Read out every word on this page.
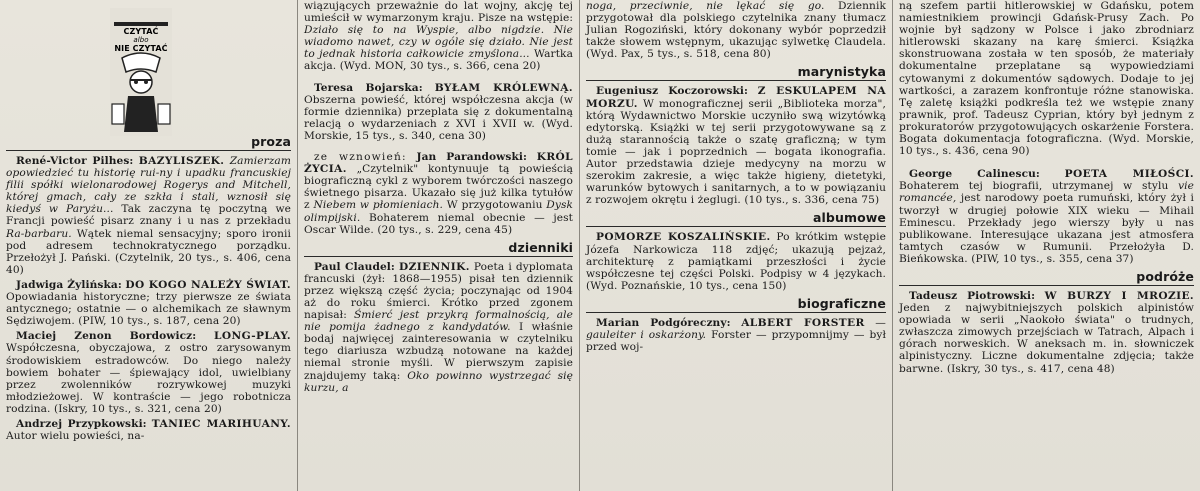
CZYTAĆ
albo
NIE CZYTAĆ
proza

René-Victor Pilhes: BAZYLISZEK. Zamierzam opowiedzieć tu historię rui-ny i upadku francuskiej filii spółki wielonarodowej Rogerys and Mitchell, której gmach, cały ze szkła i stali, wznosił się kiedyś w Paryżu... Tak zaczyna tę poczytną we Francji powieść pisarz znany i u nas z przekładu Ra-barbaru. Wątek niemal sensacyjny; sporo ironii pod adresem technokratycznego porządku. Przełożył J. Pański. (Czytelnik, 20 tys., s. 406, cena 40)

Jadwiga Żylińska: DO KOGO NALEŻY ŚWIAT. Opowiadania historyczne; trzy pierwsze ze świata antycznego; ostatnie — o alchemikach ze sławnym Sędziwojem. (PIW, 10 tys., s. 187, cena 20)

Maciej Zenon Bordowicz: LONG-PLAY. Współczesna, obyczajowa, z ostro zarysowanym środowiskiem estradowców. Do niego należy bowiem bohater — śpiewający idol, uwielbiany przez zwolenników rozrywkowej muzyki młodzieżowej. W kontraście — jego robotnicza rodzina. (Iskry, 10 tys., s. 321, cena 20)

Andrzej Przypkowski: TANIEC MARIHUANY. Autor wielu powieści, na-

wiązujących przeważnie do lat wojny, akcję tej umieścił w wymarzonym kraju. Pisze na wstępie: Działo się to na Wyspie, albo nigdzie. Nie wiadomo nawet, czy w ogóle się działo. Nie jest to jednak historia całkowicie zmyślona... Wartka akcja. (Wyd. MON, 30 tys., s. 366, cena 20)

Teresa Bojarska: BYŁAM KRÓLEWNĄ. Obszerna powieść, której współczesna akcja (w formie dziennika) przeplata się z dokumentalną relacją o wydarzeniach z XVI i XVII w. (Wyd. Morskie, 15 tys., s. 340, cena 30)

ze wznowień: Jan Parandowski: KRÓL ŻYCIA. „Czytelnik" kontynuuje tą powieścią biograficzną cykl z wyborem twórczości naszego świetnego pisarza. Ukazało się już kilka tytułów z Niebem w płomieniach. W przygotowaniu Dysk olimpijski. Bohaterem niemal obecnie — jest Oscar Wilde. (20 tys., s. 229, cena 45)

dzienniki

Paul Claudel: DZIENNIK. Poeta i dyplomata francuski (żył: 1868—1955) pisał ten dziennik przez większą część życia; poczynając od 1904 aż do roku śmierci. Krótko przed zgonem napisał: Śmierć jest przykrą formalnością, ale nie pomija żadnego z kandydatów. I właśnie bodaj najwięcej zainteresowania w czytelniku tego diariusza wzbudzą notowane na każdej niemal stronie myśli. W pierwszym zapisie znajdujemy taką: Oko powinno wystrzegać się kurzu, a

noga, przeciwnie, nie lękać się go. Dziennik przygotował dla polskiego czytelnika znany tłumacz Julian Rogoziński, który dokonany wybór poprzedził także słowem wstępnym, ukazując sylwetkę Claudela. (Wyd. Pax, 5 tys., s. 518, cena 80)

marynistyka

Eugeniusz Koczorowski: Z ESKULAPEM NA MORZU. W monograficznej serii „Biblioteka morza", którą Wydawnictwo Morskie uczyniło swą wizytówką edytorską. Książki w tej serii przygotowywane są z dużą starannością także o szatę graficzną; w tym tomie — jak i poprzednich — bogata ikonografia. Autor przedstawia dzieje medycyny na morzu w szerokim zakresie, a więc także higieny, dietetyki, warunków bytowych i sanitarnych, a to w powiązaniu z rozwojem okrętu i żeglugi. (10 tys., s. 336, cena 75)

albumowe

POMORZE KOSZALIŃSKIE. Po krótkim wstępie Józefa Narkowicza 118 zdjęć; ukazują pejzaż, architekturę z pamiątkami przeszłości i życie współczesne tej części Polski. Podpisy w 4 językach. (Wyd. Poznańskie, 10 tys., cena 150)

biograficzne

Marian Podgóreczny: ALBERT FORSTER — gauleiter i oskarżony. Forster — przypomnijmy — był przed woj-

ną szefem partii hitlerowskiej w Gdańsku, potem namiestnikiem prowincji Gdańsk-Prusy Zach. Po wojnie był sądzony w Polsce i jako zbrodniarz hitlerowski skazany na karę śmierci. Książka skonstruowana została w ten sposób, że materiały dokumentalne przeplatane są wypowiedziami cytowanymi z dokumentów sądowych. Dodaje to jej wartkości, a zarazem konfrontuje różne stanowiska. Tę zaletę książki podkreśla też we wstępie znany prawnik, prof. Tadeusz Cyprian, który był jednym z prokuratorów przygotowujących oskarżenie Forstera. Bogata dokumentacja fotograficzna. (Wyd. Morskie, 10 tys., s. 436, cena 90)

George Calinescu: POETA MIŁOŚCI. Bohaterem tej biografii, utrzymanej w stylu vie romancée, jest narodowy poeta rumuński, który żył i tworzył w drugiej połowie XIX wieku — Mihail Eminescu. Przekłady jego wierszy były u nas publikowane. Interesujące ukazana jest atmosfera tamtych czasów w Rumunii. Przełożyła D. Bieńkowska. (PIW, 10 tys., s. 355, cena 37)

podróże

Tadeusz Piotrowski: W BURZY I MROZIE. Jeden z najwybitniejszych polskich alpinistów opowiada w serii „Naokoło świata" o trudnych, zwłaszcza zimowych przejściach w Tatrach, Alpach i górach norweskich. W aneksach m. in. słowniczek alpinistyczny. Liczne dokumentalne zdjęcia; także barwne. (Iskry, 30 tys., s. 417, cena 48)
